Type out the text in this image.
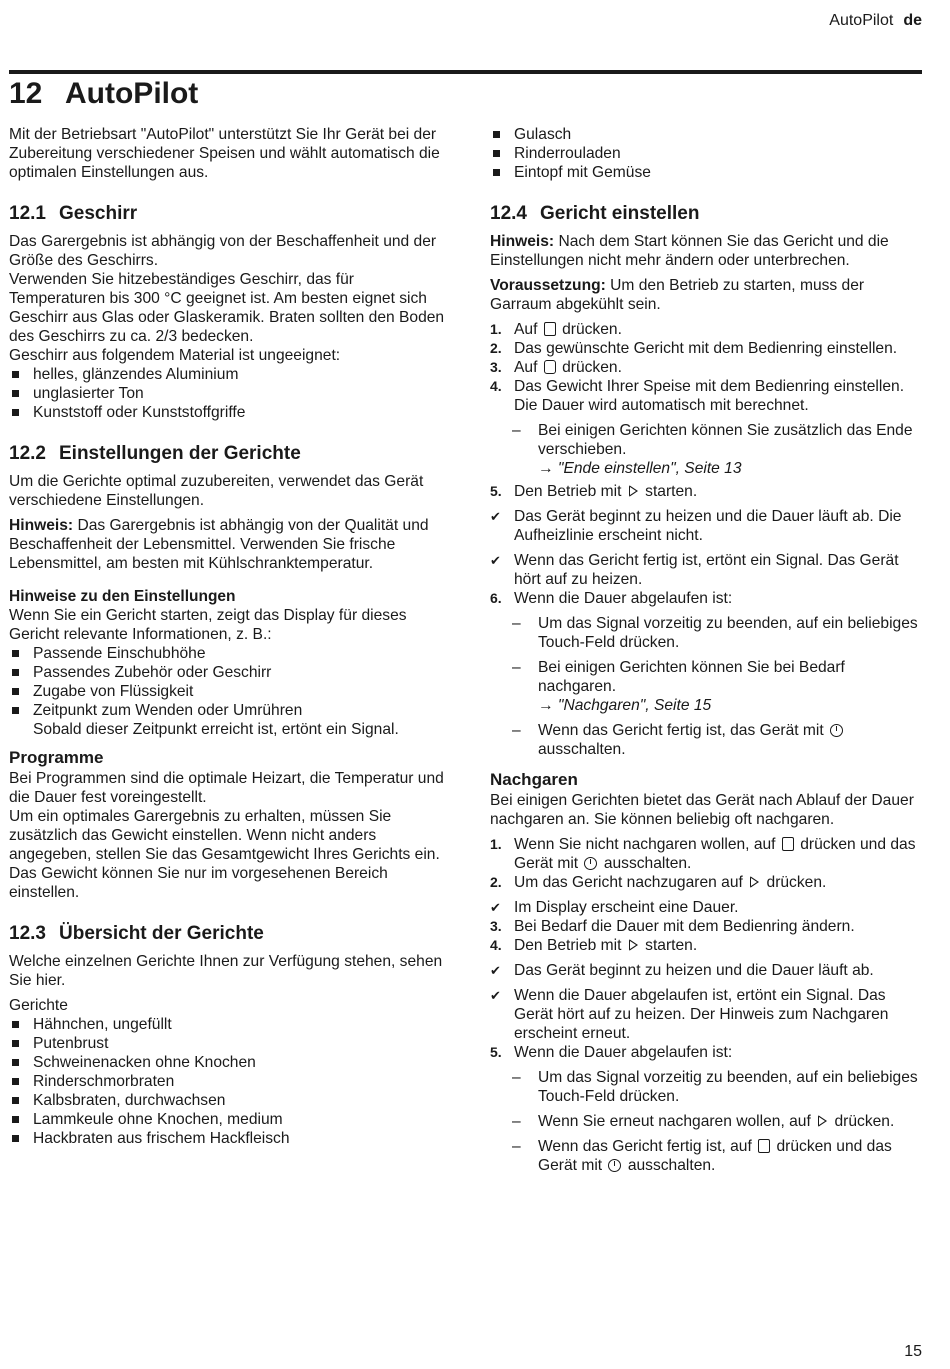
AutoPilot de
12 AutoPilot

Mit der Betriebsart "AutoPilot" unterstützt Sie Ihr Gerät bei der Zubereitung verschiedener Speisen und wählt automatisch die optimalen Einstellungen aus.

12.1 Geschirr
Das Garergebnis ist abhängig von der Beschaffenheit und der Größe des Geschirrs.
Verwenden Sie hitzebeständiges Geschirr, das für Temperaturen bis 300 °C geeignet ist. Am besten eignet sich Geschirr aus Glas oder Glaskeramik. Braten sollten den Boden des Geschirrs zu ca. 2/3 bedecken.
Geschirr aus folgendem Material ist ungeeignet:
helles, glänzendes Aluminium
unglasierter Ton
Kunststoff oder Kunststoffgriffe
12.2 Einstellungen der Gerichte

Um die Gerichte optimal zuzubereiten, verwendet das Gerät verschiedene Einstellungen.

Hinweis: Das Garergebnis ist abhängig von der Qualität und Beschaffenheit der Lebensmittel. Verwenden Sie frische Lebensmittel, am besten mit Kühlschranktemperatur.

Hinweise zu den Einstellungen
Wenn Sie ein Gericht starten, zeigt das Display für dieses Gericht relevante Informationen, z. B.:
Passende Einschubhöhe
Passendes Zubehör oder Geschirr
Zugabe von Flüssigkeit
Zeitpunkt zum Wenden oder Umrühren
Sobald dieser Zeitpunkt erreicht ist, ertönt ein Signal.
Programme
Bei Programmen sind die optimale Heizart, die Temperatur und die Dauer fest voreingestellt.
Um ein optimales Garergebnis zu erhalten, müssen Sie zusätzlich das Gewicht einstellen. Wenn nicht anders angegeben, stellen Sie das Gesamtgewicht Ihres Gerichts ein. Das Gewicht können Sie nur im vorgesehenen Bereich einstellen.
12.3 Übersicht der Gerichte

Welche einzelnen Gerichte Ihnen zur Verfügung stehen, sehen Sie hier.

Gerichte
Hähnchen, ungefüllt
Putenbrust
Schweinenacken ohne Knochen
Rinderschmorbraten
Kalbsbraten, durchwachsen
Lammkeule ohne Knochen, medium
Hackbraten aus frischem Hackfleisch
Gulasch
Rinderrouladen
Eintopf mit Gemüse
12.4 Gericht einstellen

Hinweis: Nach dem Start können Sie das Gericht und die Einstellungen nicht mehr ändern oder unterbrechen.

Voraussetzung: Um den Betrieb zu starten, muss der Garraum abgekühlt sein.

1. Auf drücken.
2. Das gewünschte Gericht mit dem Bedienring einstellen.
3. Auf drücken.
4. Das Gewicht Ihrer Speise mit dem Bedienring einstellen. Die Dauer wird automatisch mit berechnet.
– Bei einigen Gerichten können Sie zusätzlich das Ende verschieben.
→ "Ende einstellen", Seite 13
5. Den Betrieb mit starten.
✔ Das Gerät beginnt zu heizen und die Dauer läuft ab. Die Aufheizlinie erscheint nicht.
✔ Wenn das Gericht fertig ist, ertönt ein Signal. Das Gerät hört auf zu heizen.
6. Wenn die Dauer abgelaufen ist:
– Um das Signal vorzeitig zu beenden, auf ein beliebiges Touch-Feld drücken.
– Bei einigen Gerichten können Sie bei Bedarf nachgaren.
→ "Nachgaren", Seite 15
– Wenn das Gericht fertig ist, das Gerät mit  ausschalten.
Nachgaren

Bei einigen Gerichten bietet das Gerät nach Ablauf der Dauer nachgaren an. Sie können beliebig oft nachgaren.

1. Wenn Sie nicht nachgaren wollen, auf drücken und das Gerät mit ausschalten.
2. Um das Gericht nachzugaren auf drücken.
✔ Im Display erscheint eine Dauer.
3. Bei Bedarf die Dauer mit dem Bedienring ändern.
4. Den Betrieb mit starten.
✔ Das Gerät beginnt zu heizen und die Dauer läuft ab.
✔ Wenn die Dauer abgelaufen ist, ertönt ein Signal. Das Gerät hört auf zu heizen. Der Hinweis zum Nachgaren erscheint erneut.
5. Wenn die Dauer abgelaufen ist:
– Um das Signal vorzeitig zu beenden, auf ein beliebiges Touch-Feld drücken.
– Wenn Sie erneut nachgaren wollen, auf drücken.
– Wenn das Gericht fertig ist, auf drücken und das Gerät mit ausschalten.
15
